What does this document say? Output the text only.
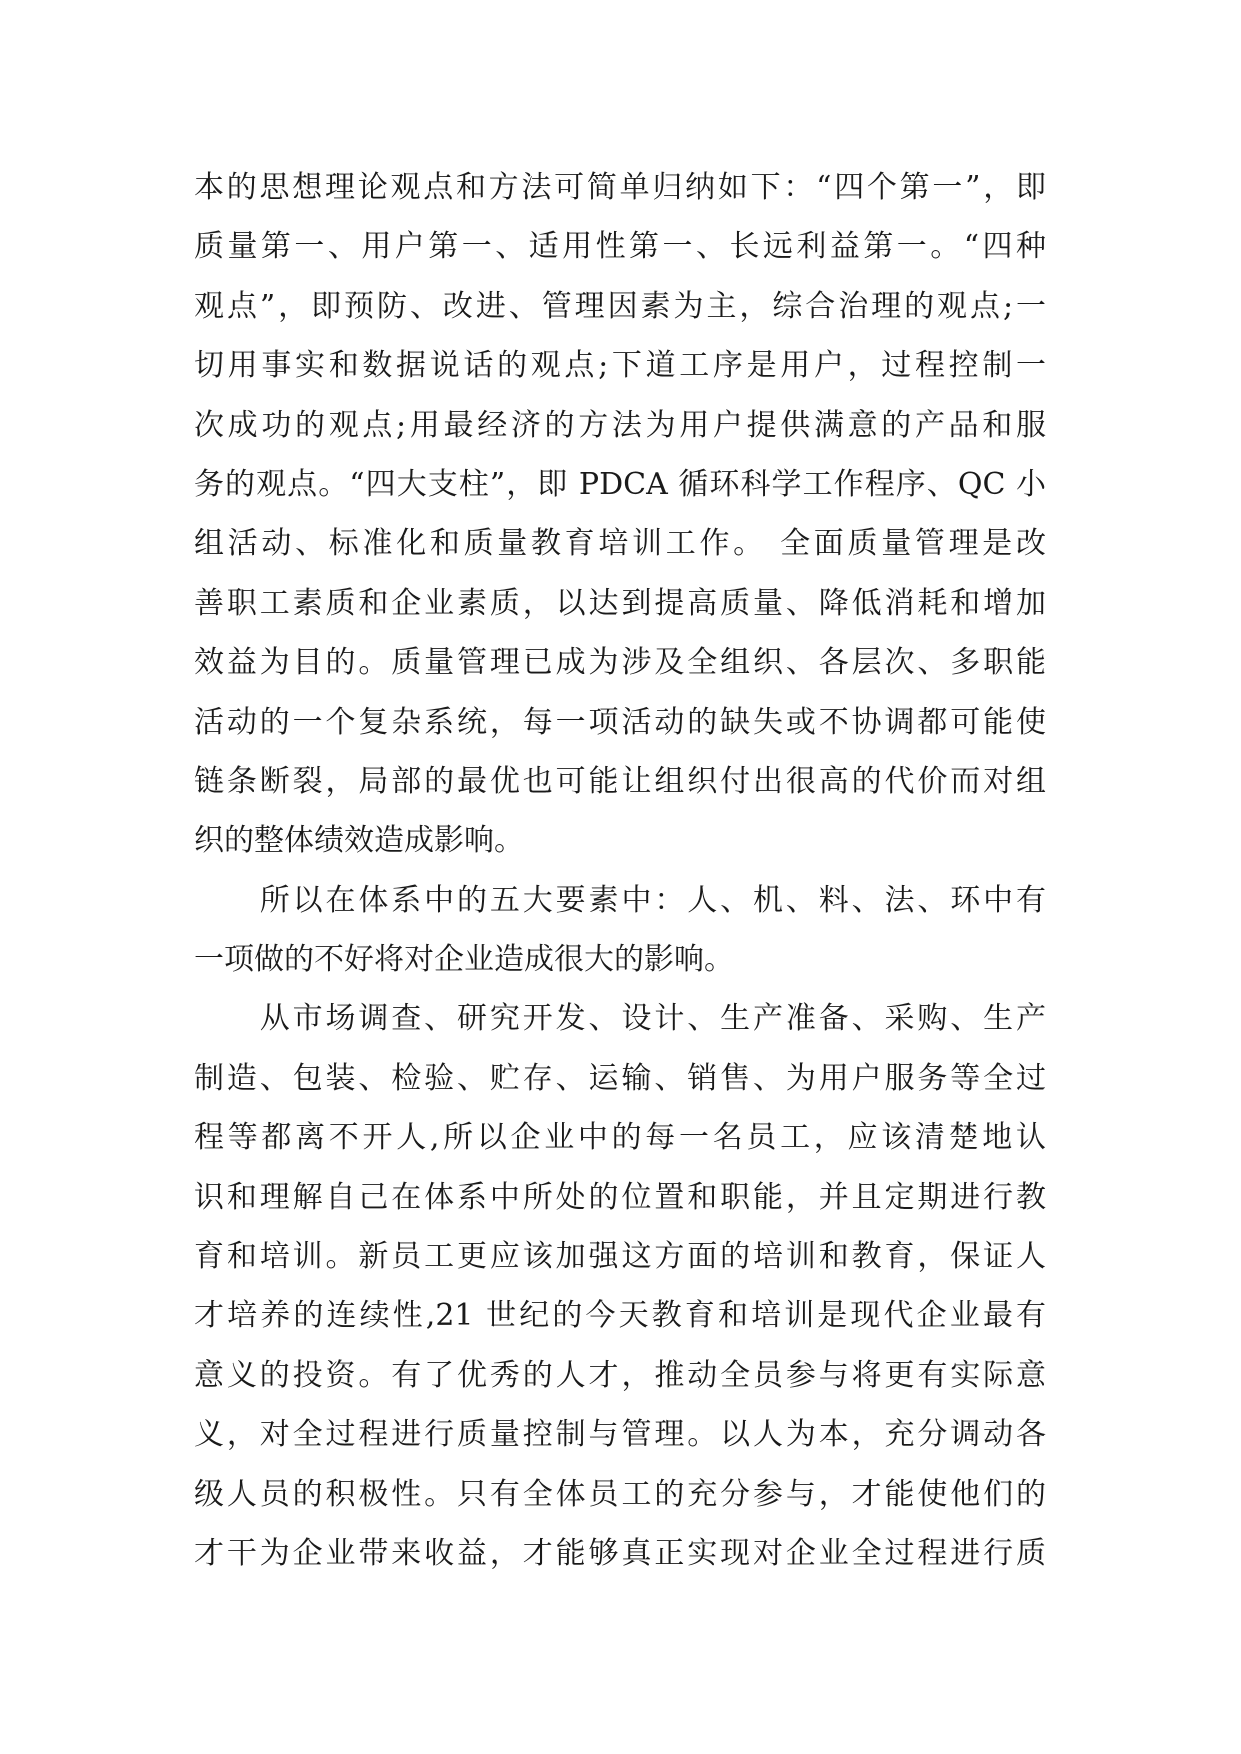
本的思想理论观点和方法可简单归纳如下：“四个第一”，即
质量第一、用户第一、适用性第一、长远利益第一。“四种
观点”，即预防、改进、管理因素为主，综合治理的观点;一
切用事实和数据说话的观点;下道工序是用户，过程控制一
次成功的观点;用最经济的方法为用户提供满意的产品和服
务的观点。“四大支柱”，即 PDCA 循环科学工作程序、QC 小
组活动、标准化和质量教育培训工作。 全面质量管理是改
善职工素质和企业素质，以达到提高质量、降低消耗和增加
效益为目的。质量管理已成为涉及全组织、各层次、多职能
活动的一个复杂系统，每一项活动的缺失或不协调都可能使
链条断裂，局部的最优也可能让组织付出很高的代价而对组
织的整体绩效造成影响。
　　所以在体系中的五大要素中：人、机、料、法、环中有
一项做的不好将对企业造成很大的影响。
　　从市场调查、研究开发、设计、生产准备、采购、生产
制造、包装、检验、贮存、运输、销售、为用户服务等全过
程等都离不开人,所以企业中的每一名员工，应该清楚地认
识和理解自己在体系中所处的位置和职能，并且定期进行教
育和培训。新员工更应该加强这方面的培训和教育，保证人
才培养的连续性,21 世纪的今天教育和培训是现代企业最有
意义的投资。有了优秀的人才，推动全员参与将更有实际意
义，对全过程进行质量控制与管理。以人为本，充分调动各
级人员的积极性。只有全体员工的充分参与，才能使他们的
才干为企业带来收益，才能够真正实现对企业全过程进行质
